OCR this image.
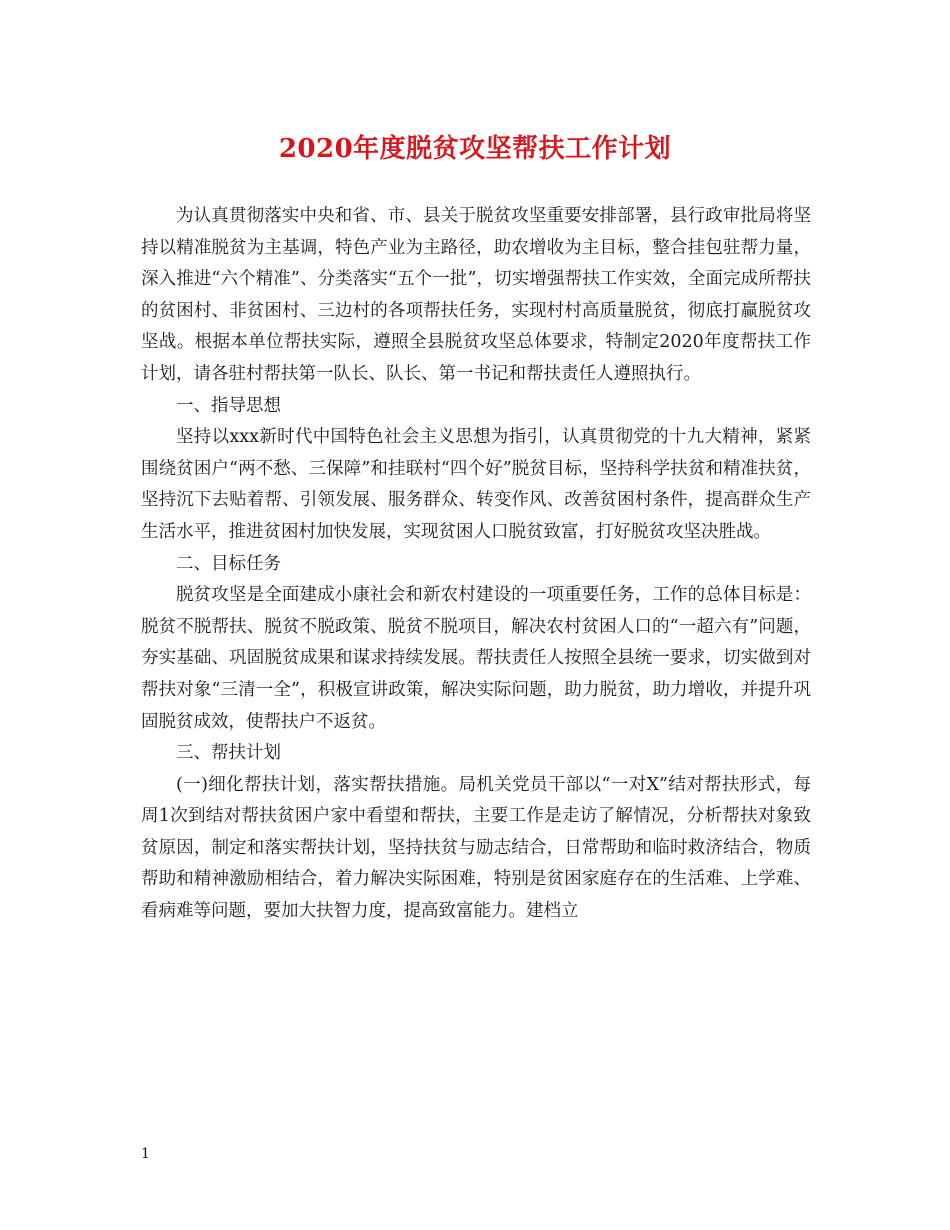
2020年度脱贫攻坚帮扶工作计划

为认真贯彻落实中央和省、市、县关于脱贫攻坚重要安排部署，县行政审批局将坚持以精准脱贫为主基调，特色产业为主路径，助农增收为主目标，整合挂包驻帮力量，深入推进“六个精准”、分类落实“五个一批”，切实增强帮扶工作实效，全面完成所帮扶的贫困村、非贫困村、三边村的各项帮扶任务，实现村村高质量脱贫，彻底打赢脱贫攻坚战。根据本单位帮扶实际，遵照全县脱贫攻坚总体要求，特制定2020年度帮扶工作计划，请各驻村帮扶第一队长、队长、第一书记和帮扶责任人遵照执行。

一、指导思想

坚持以xxx新时代中国特色社会主义思想为指引，认真贯彻党的十九大精神，紧紧围绕贫困户“两不愁、三保障”和挂联村“四个好”脱贫目标，坚持科学扶贫和精准扶贫，坚持沉下去贴着帮、引领发展、服务群众、转变作风、改善贫困村条件，提高群众生产生活水平，推进贫困村加快发展，实现贫困人口脱贫致富，打好脱贫攻坚决胜战。

二、目标任务

脱贫攻坚是全面建成小康社会和新农村建设的一项重要任务，工作的总体目标是：脱贫不脱帮扶、脱贫不脱政策、脱贫不脱项目，解决农村贫困人口的“一超六有”问题，夯实基础、巩固脱贫成果和谋求持续发展。帮扶责任人按照全县统一要求，切实做到对帮扶对象“三清一全”，积极宣讲政策，解决实际问题，助力脱贫，助力增收，并提升巩固脱贫成效，使帮扶户不返贫。

三、帮扶计划

(一)细化帮扶计划，落实帮扶措施。局机关党员干部以“一对X”结对帮扶形式，每周1次到结对帮扶贫困户家中看望和帮扶，主要工作是走访了解情况，分析帮扶对象致贫原因，制定和落实帮扶计划，坚持扶贫与励志结合，日常帮助和临时救济结合，物质帮助和精神激励相结合，着力解决实际困难，特别是贫困家庭存在的生活难、上学难、看病难等问题，要加大扶智力度，提高致富能力。建档立

1
